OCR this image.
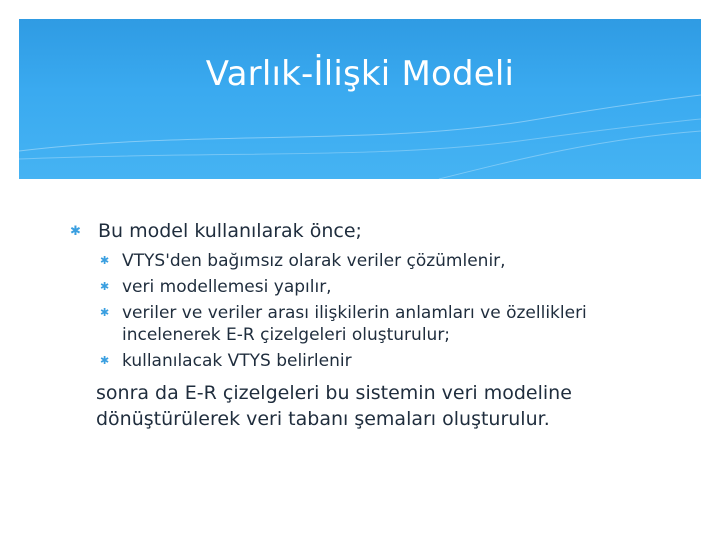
Varlık-İlişki Modeli
✱ Bu model kullanılarak önce;
✱ VTYS'den bağımsız olarak veriler çözümlenir,
✱ veri modellemesi yapılır,
✱ veriler ve veriler arası ilişkilerin anlamları ve özellikleri incelenerek E-R çizelgeleri oluşturulur;
✱ kullanılacak VTYS belirlenir
sonra da E-R çizelgeleri bu sistemin veri modeline dönüştürülerek veri tabanı şemaları oluşturulur.
